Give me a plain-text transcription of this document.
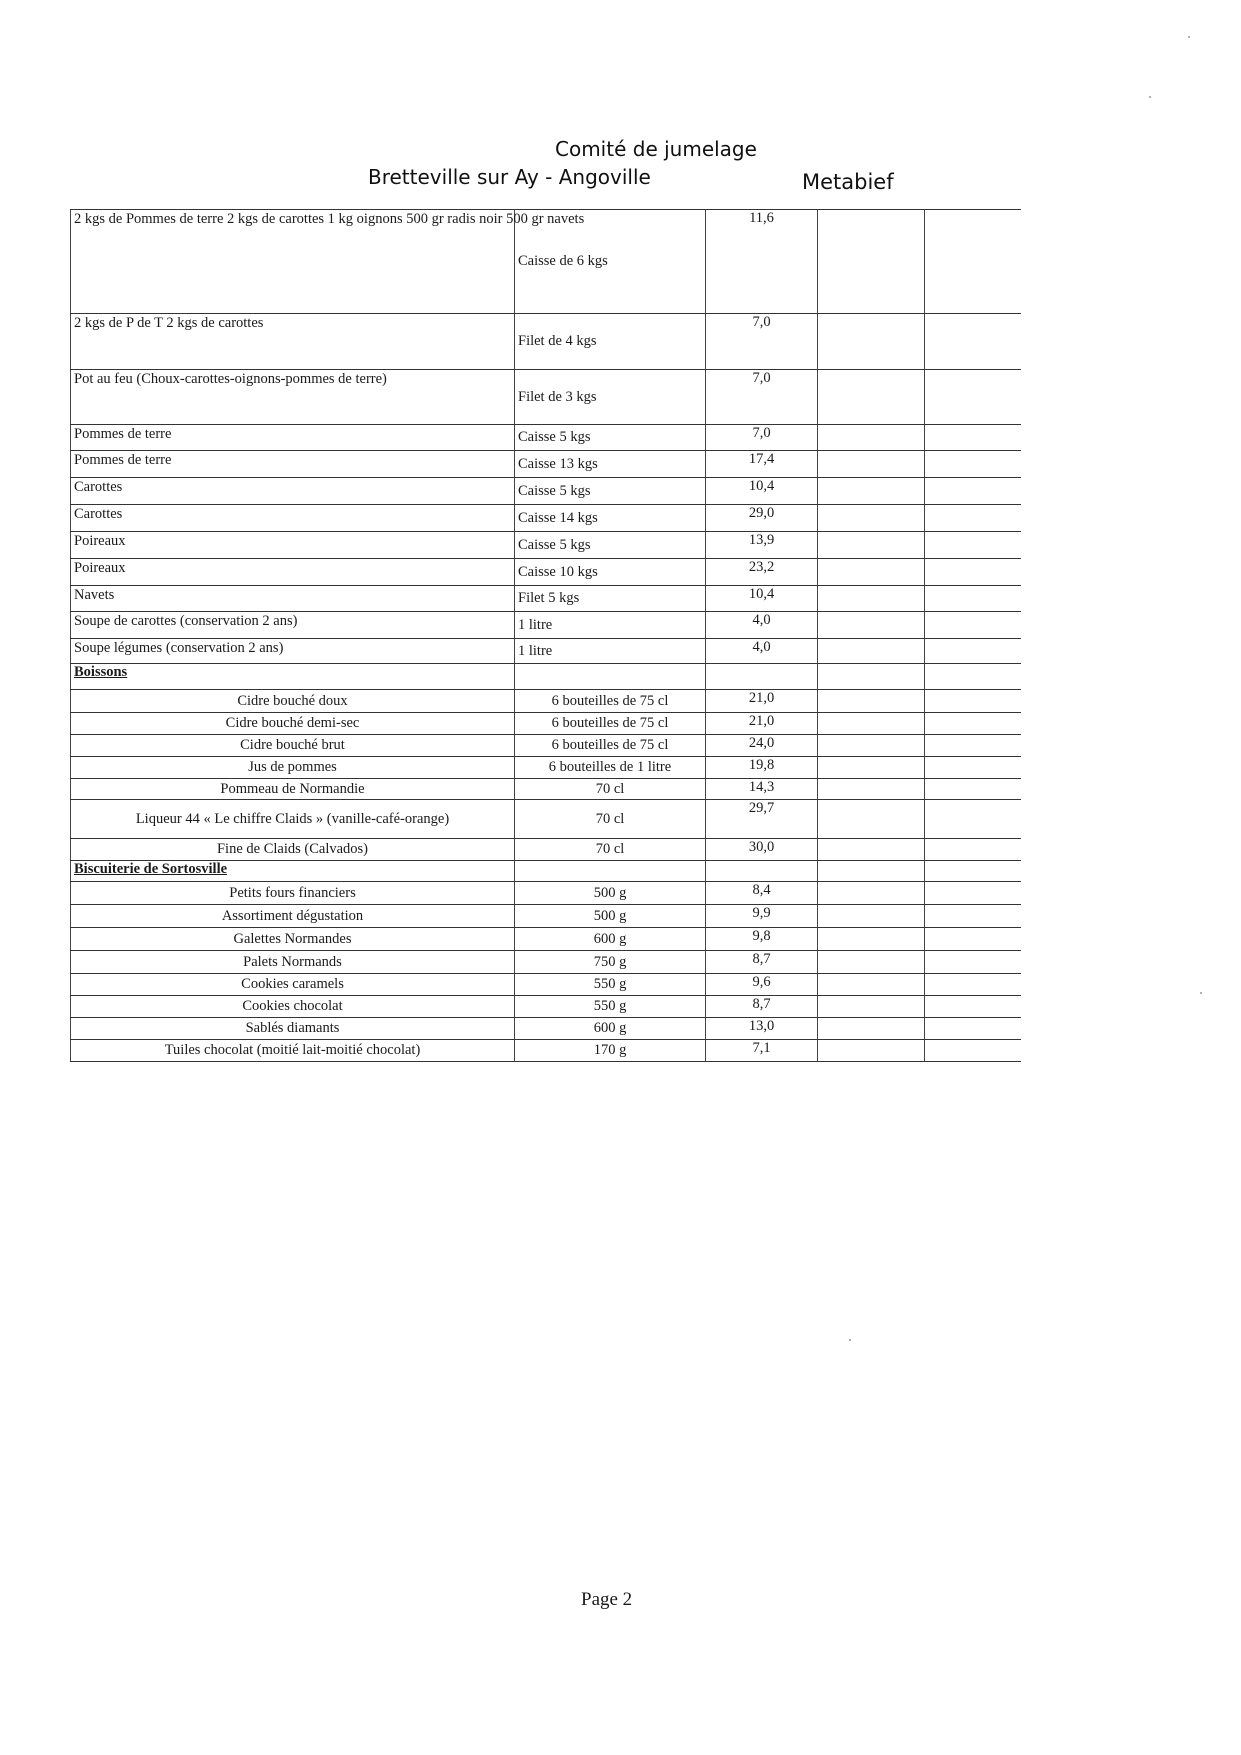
Comité de jumelage
Bretteville sur Ay - Angoville	Metabief
2 kgs de Pommes de terre 2 kgs de carottes 1 kg oignons 500 gr radis noir 500 gr navets	Caisse de 6 kgs	11,6		
2 kgs de P de T 2 kgs de carottes	Filet de 4 kgs	7,0		
Pot au feu (Choux-carottes-oignons-pommes de terre)	Filet de 3 kgs	7,0		
Pommes de terre	Caisse 5 kgs	7,0		
Pommes de terre	Caisse 13 kgs	17,4		
Carottes	Caisse 5 kgs	10,4		
Carottes	Caisse 14 kgs	29,0		
Poireaux	Caisse 5 kgs	13,9		
Poireaux	Caisse 10 kgs	23,2		
Navets	Filet 5 kgs	10,4		
Soupe de carottes (conservation 2 ans)	1 litre	4,0		
Soupe légumes (conservation 2 ans)	1 litre	4,0		
Boissons				
Cidre bouché doux	6 bouteilles de 75 cl	21,0		
Cidre bouché demi-sec	6 bouteilles de 75 cl	21,0		
Cidre bouché brut	6 bouteilles de 75 cl	24,0		
Jus de pommes	6 bouteilles de 1 litre	19,8		
Pommeau de Normandie	70 cl	14,3		
Liqueur 44 « Le chiffre Claids » (vanille-café-orange)	70 cl	29,7		
Fine de Claids (Calvados)	70 cl	30,0		
Biscuiterie de Sortosville				
Petits fours financiers	500 g	8,4		
Assortiment dégustation	500 g	9,9		
Galettes Normandes	600 g	9,8		
Palets Normands	750 g	8,7		
Cookies caramels	550 g	9,6		
Cookies chocolat	550 g	8,7		
Sablés diamants	600 g	13,0		
Tuiles chocolat (moitié lait-moitié chocolat)	170 g	7,1		
Page 2
